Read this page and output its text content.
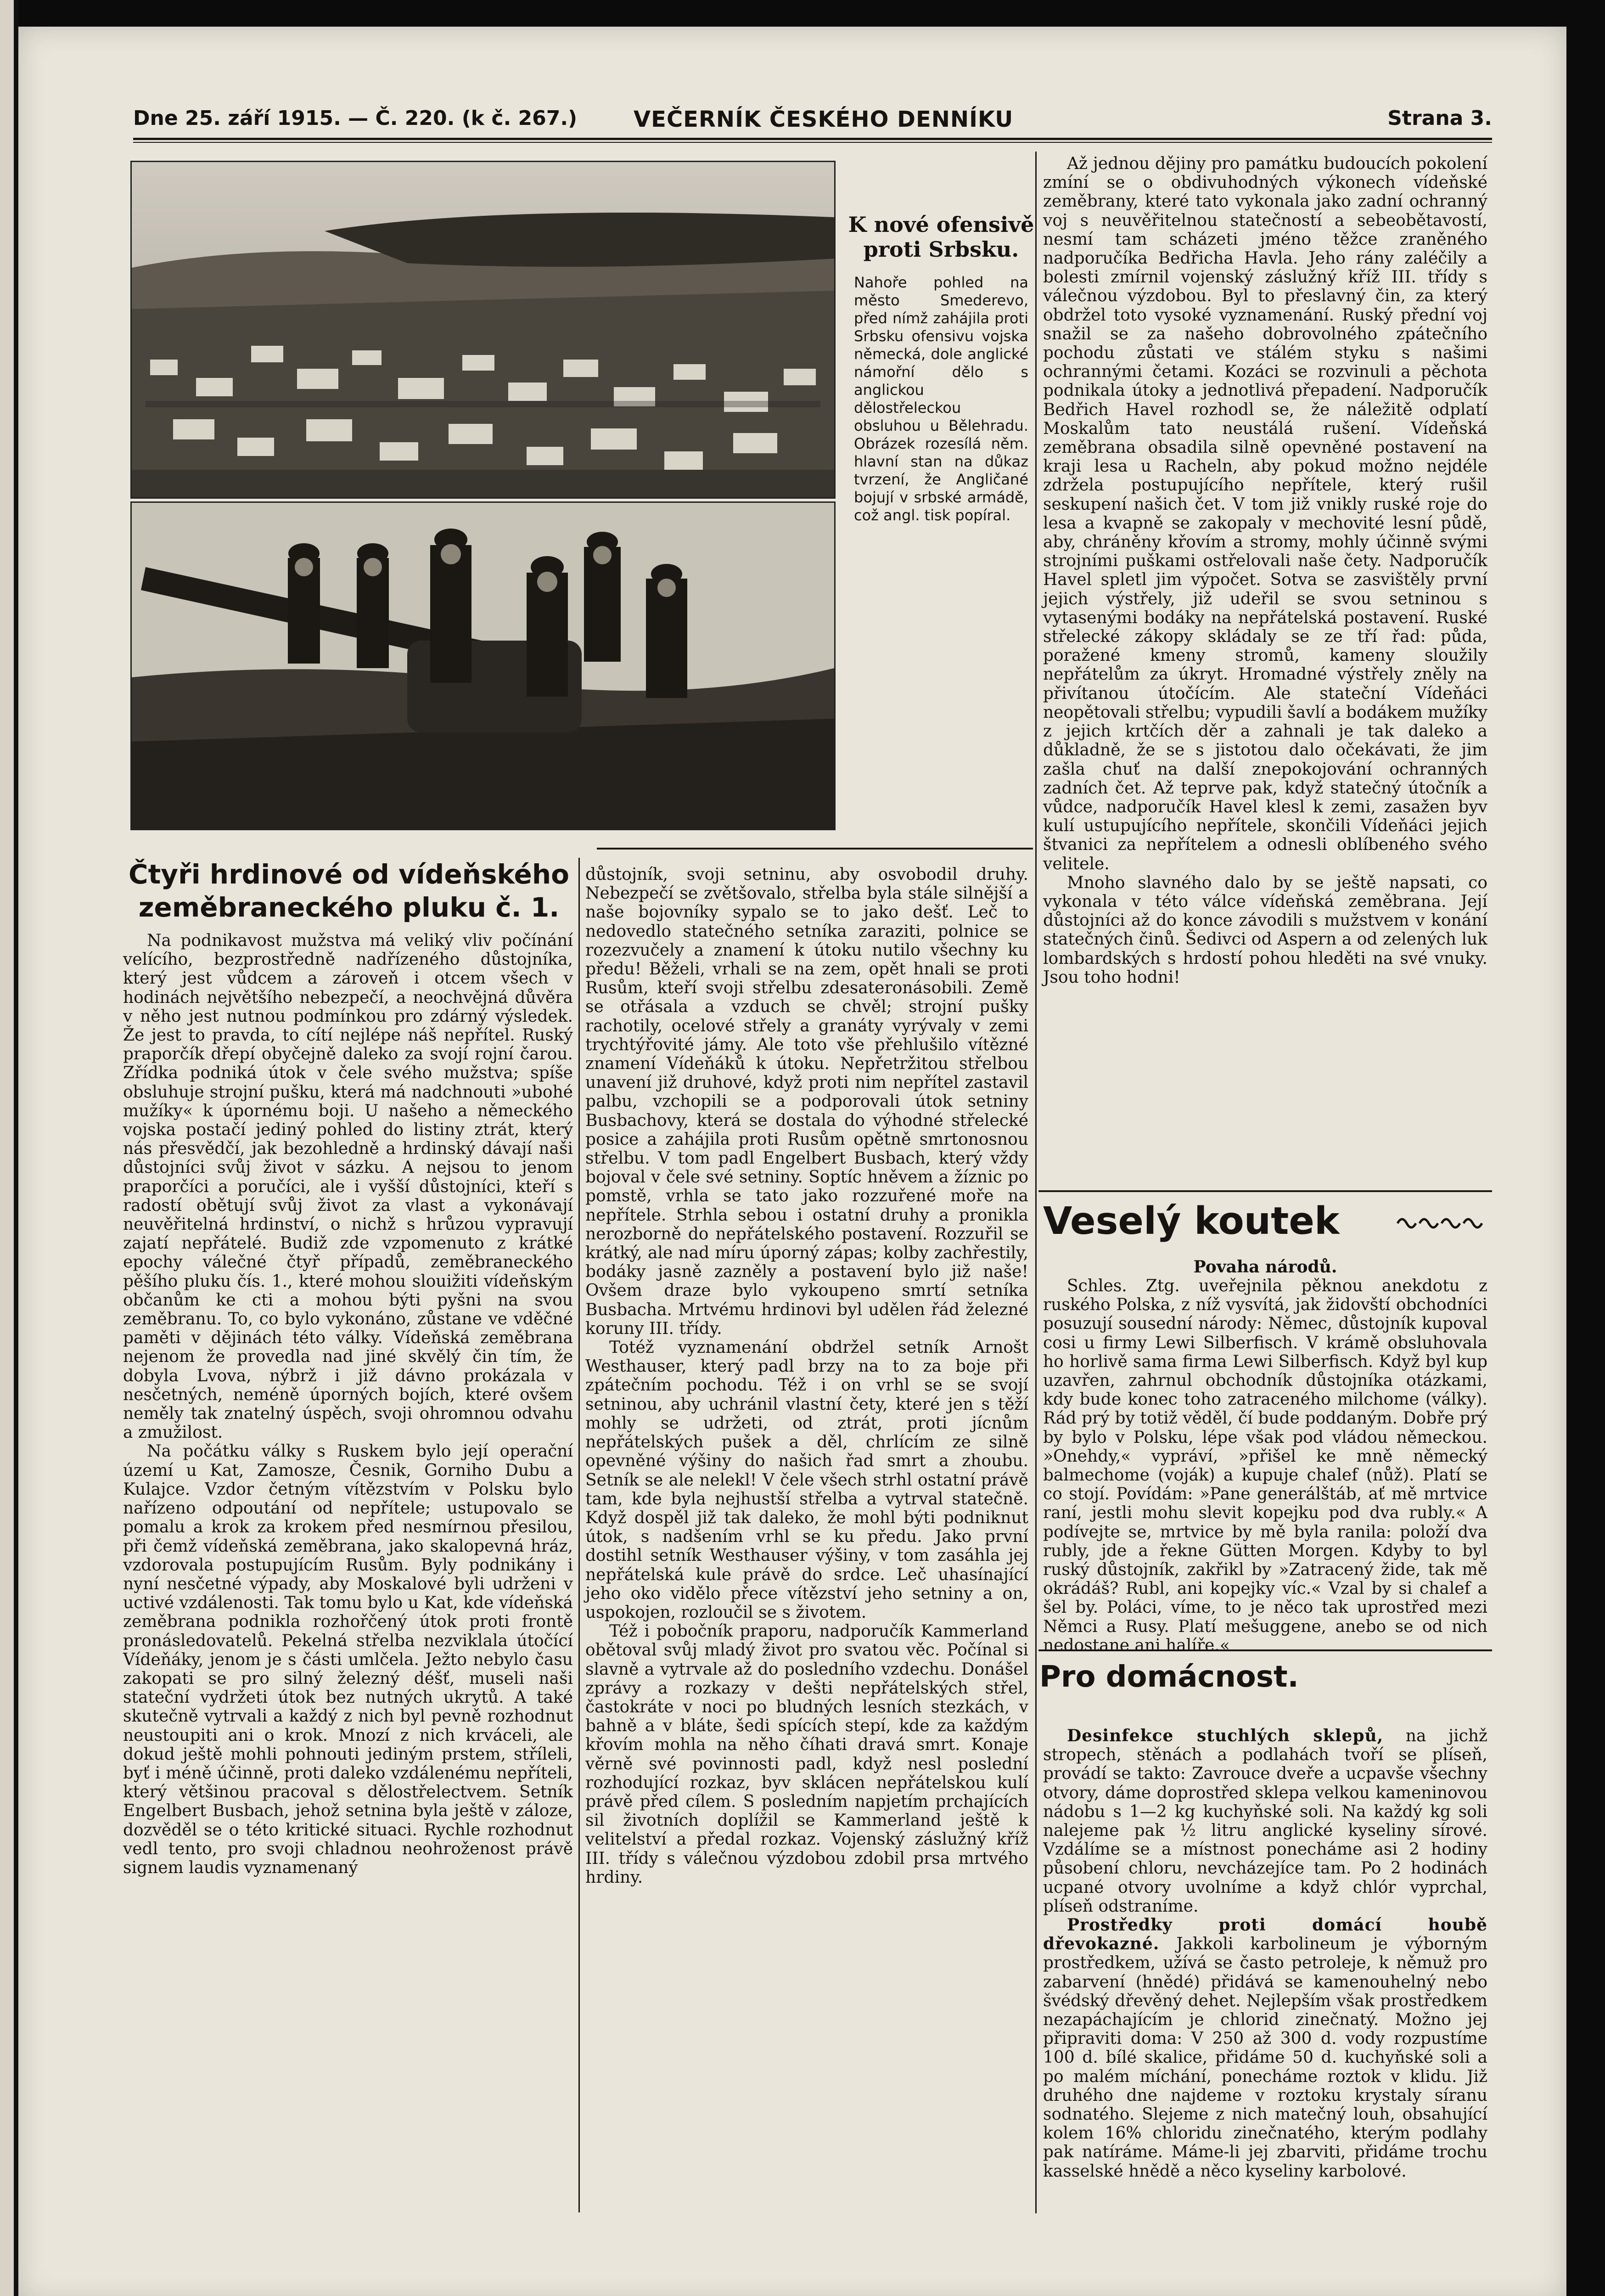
Dne 25. září 1915. — Č. 220. (k č. 267.)	VEČERNÍK ČESKÉHO DENNÍKU	Strana 3.
K nové ofensivě
proti Srbsku.
Nahoře pohled na město Smederevo, před nímž zahájila proti Srbsku ofensivu vojska německá, dole anglické námořní dělo s anglickou dělostřeleckou obsluhou u Bělehradu. Obrázek rozesílá něm. hlavní stan na důkaz tvrzení, že Angličané bojují v srbské armádě, což angl. tisk popíral.
Čtyři hrdinové od vídeňského
zeměbraneckého pluku č. 1.

Na podnikavost mužstva má veliký vliv počínání velícího, bezprostředně nadřízeného důstojníka, který jest vůdcem a zároveň i otcem všech v hodinách největšího nebezpečí, a neochvějná důvěra v něho jest nutnou podmínkou pro zdárný výsledek. Že jest to pravda, to cítí nejlépe náš nepřítel. Ruský praporčík dřepí obyčejně daleko za svojí rojní čarou. Zřídka podniká útok v čele svého mužstva; spíše obsluhuje strojní pušku, která má nadchnouti »ubohé mužíky« k úpornému boji. U našeho a německého vojska postačí jediný pohled do listiny ztrát, který nás přesvědčí, jak bezohledně a hrdinský dávají naši důstojníci svůj život v sázku. A nejsou to jenom praporčíci a poručíci, ale i vyšší důstojníci, kteří s radostí obětují svůj život za vlast a vykonávají neuvěřitelná hrdinství, o nichž s hrůzou vypravují zajatí nepřátelé. Budiž zde vzpomenuto z krátké epochy válečné čtyř případů, zeměbraneckého pěšího pluku čís. 1., které mohou slouižiti vídeňským občanům ke cti a mohou býti pyšni na svou zeměbranu. To, co bylo vykonáno, zůstane ve vděčné paměti v dějinách této války. Vídeňská zeměbrana nejenom že provedla nad jiné skvělý čin tím, že dobyla Lvova, nýbrž i již dávno prokázala v nesčetných, neméně úporných bojích, které ovšem neměly tak znatelný úspěch, svoji ohromnou odvahu a zmužilost.

Na počátku války s Ruskem bylo její operační území u Kat, Zamosze, Česnik, Gorniho Dubu a Kulajce. Vzdor četným vítězstvím v Polsku bylo nařízeno odpoutání od nepřítele; ustupovalo se pomalu a krok za krokem před nesmírnou přesilou, při čemž vídeňská zeměbrana, jako skalopevná hráz, vzdorovala postupujícím Rusům. Byly podnikány i nyní nesčetné výpady, aby Moskalové byli udrženi v uctivé vzdálenosti. Tak tomu bylo u Kat, kde vídeňská zeměbrana podnikla rozhořčený útok proti frontě pronásledovatelů. Pekelná střelba nezviklala útočící Vídeňáky, jenom je s části umlčela. Ježto nebylo času zakopati se pro silný železný déšť, museli naši stateční vydržeti útok bez nutných ukrytů. A také skutečně vytrvali a každý z nich byl pevně rozhodnut neustoupiti ani o krok. Mnozí z nich krváceli, ale dokud ještě mohli pohnouti jediným prstem, stříleli, byť i méně účinně, proti daleko vzdálenému nepříteli, který většinou pracoval s dělostřelectvem. Setník Engelbert Busbach, jehož setnina byla ještě v záloze, dozvěděl se o této kritické situaci. Rychle rozhodnut vedl tento, pro svoji chladnou neohroženost právě signem laudis vyznamenaný

důstojník, svoji setninu, aby osvobodil druhy. Nebezpečí se zvětšovalo, střelba byla stále silnější a naše bojovníky sypalo se to jako dešť. Leč to nedovedlo statečného setníka zaraziti, polnice se rozezvučely a znamení k útoku nutilo všechny ku předu! Běželi, vrhali se na zem, opět hnali se proti Rusům, kteří svoji střelbu zdesateronásobili. Země se otřásala a vzduch se chvěl; strojní pušky rachotily, ocelové střely a granáty vyrývaly v zemi trychtýřovité jámy. Ale toto vše přehlušilo vítězné znamení Vídeňáků k útoku. Nepřetržitou střelbou unavení již druhové, když proti nim nepřítel zastavil palbu, vzchopili se a podporovali útok setniny Busbachovy, která se dostala do výhodné střelecké posice a zahájila proti Rusům opětně smrtonosnou střelbu. V tom padl Engelbert Busbach, který vždy bojoval v čele své setniny. Soptíc hněvem a žíznic po pomstě, vrhla se tato jako rozzuřené moře na nepřítele. Strhla sebou i ostatní druhy a pronikla nerozborně do nepřátelského postavení. Rozzuřil se krátký, ale nad míru úporný zápas; kolby zachřestily, bodáky jasně zazněly a postavení bylo již naše! Ovšem draze bylo vykoupeno smrtí setníka Busbacha. Mrtvému hrdinovi byl udělen řád železné koruny III. třídy.

Totéž vyznamenání obdržel setník Arnošt Westhauser, který padl brzy na to za boje při zpátečním pochodu. Též i on vrhl se se svojí setninou, aby uchránil vlastní čety, které jen s těží mohly se udržeti, od ztrát, proti jícnům nepřátelských pušek a děl, chrlícím ze silně opevněné výšiny do našich řad smrt a zhoubu. Setník se ale nelekl! V čele všech strhl ostatní právě tam, kde byla nejhustší střelba a vytrval statečně. Když dospěl již tak daleko, že mohl býti podniknut útok, s nadšením vrhl se ku předu. Jako první dostihl setník Westhauser výšiny, v tom zasáhla jej nepřátelská kule právě do srdce. Leč uhasínající jeho oko vidělo přece vítězství jeho setniny a on, uspokojen, rozloučil se s životem.

Též i pobočník praporu, nadporučík Kammerland obětoval svůj mladý život pro svatou věc. Počínal si slavně a vytrvale až do posledního vzdechu. Donášel zprávy a rozkazy v dešti nepřátelských střel, častokráte v noci po bludných lesních stezkách, v bahně a v bláte, šedi spících stepí, kde za každým křovím mohla na něho číhati dravá smrt. Konaje věrně své povinnosti padl, když nesl poslední rozhodující rozkaz, byv sklácen nepřátelskou kulí právě před cílem. S posledním napjetím prchajících sil životních doplížil se Kammerland ještě k velitelství a předal rozkaz. Vojenský záslužný kříž III. třídy s válečnou výzdobou zdobil prsa mrtvého hrdiny.

Až jednou dějiny pro památku budoucích pokolení zmíní se o obdivuhodných výkonech vídeňské zeměbrany, které tato vykonala jako zadní ochranný voj s neuvěřitelnou statečností a sebeobětavostí, nesmí tam scházeti jméno těžce zraněného nadporučíka Bedřicha Havla. Jeho rány zaléčily a bolesti zmírnil vojenský záslužný kříž III. třídy s válečnou výzdobou. Byl to přeslavný čin, za který obdržel toto vysoké vyznamenání. Ruský přední voj snažil se za našeho dobrovolného zpátečního pochodu zůstati ve stálém styku s našimi ochrannými četami. Kozáci se rozvinuli a pěchota podnikala útoky a jednotlivá přepadení. Nadporučík Bedřich Havel rozhodl se, že náležitě odplatí Moskalům tato neustálá rušení. Vídeňská zeměbrana obsadila silně opevněné postavení na kraji lesa u Racheln, aby pokud možno nejdéle zdržela postupujícího nepřítele, který rušil seskupení našich čet. V tom již vnikly ruské roje do lesa a kvapně se zakopaly v mechovité lesní půdě, aby, chráněny křovím a stromy, mohly účinně svými strojními puškami ostřelovali naše čety. Nadporučík Havel spletl jim výpočet. Sotva se zasvištěly první jejich výstřely, již udeřil se svou setninou s vytasenými bodáky na nepřátelská postavení. Ruské střelecké zákopy skládaly se ze tří řad: půda, poražené kmeny stromů, kameny sloužily nepřátelům za úkryt. Hromadné výstřely zněly na přivítanou útočícím. Ale stateční Vídeňáci neopětovali střelbu; vypudili šavlí a bodákem mužíky z jejich krtčích děr a zahnali je tak daleko a důkladně, že se s jistotou dalo očekávati, že jim zašla chuť na další znepokojování ochranných zadních čet. Až teprve pak, když statečný útočník a vůdce, nadporučík Havel klesl k zemi, zasažen byv kulí ustupujícího nepřítele, skončili Vídeňáci jejich štvanici za nepřítelem a odnesli oblíbeného svého velitele.

Mnoho slavného dalo by se ještě napsati, co vykonala v této válce vídeňská zeměbrana. Její důstojníci až do konce závodili s mužstvem v konání statečných činů. Šedivci od Aspern a od zelených luk lombardských s hrdostí pohou hleděti na své vnuky. Jsou toho hodni!

Veselý koutek

Povaha národů.

Schles. Ztg. uveřejnila pěknou anekdotu z ruského Polska, z níž vysvítá, jak židovští obchodníci posuzují sousední národy: Němec, důstojník kupoval cosi u firmy Lewi Silberfisch. V krámě obsluhovala ho horlivě sama firma Lewi Silberfisch. Když byl kup uzavřen, zahrnul obchodník důstojníka otázkami, kdy bude konec toho zatraceného milchome (války). Rád prý by totiž věděl, čí bude poddaným. Dobře prý by bylo v Polsku, lépe však pod vládou německou. »Onehdy,« vypráví, »přišel ke mně německý balmechome (voják) a kupuje chalef (nůž). Platí se co stojí. Povídám: »Pane generálštáb, ať mě mrtvice raní, jestli mohu slevit kopejku pod dva rubly.« A podívejte se, mrtvice by mě byla ranila: položí dva rubly, jde a řekne Gütten Morgen. Kdyby to byl ruský důstojník, zakřikl by »Zatracený žide, tak mě okrádáš? Rubl, ani kopejky víc.« Vzal by si chalef a šel by. Poláci, víme, to je něco tak uprostřed mezi Němci a Rusy. Platí mešuggene, anebo se od nich nedostane ani halíře.«

Pro domácnost.

Desinfekce stuchlých sklepů, na jichž stropech, stěnách a podlahách tvoří se plíseň, provádí se takto: Zavrouce dveře a ucpavše všechny otvory, dáme doprostřed sklepa velkou kameninovou nádobu s 1—2 kg kuchyňské soli. Na každý kg soli nalejeme pak ½ litru anglické kyseliny sírové. Vzdálíme se a místnost ponecháme asi 2 hodiny působení chloru, nevcházejíce tam. Po 2 hodinách ucpané otvory uvolníme a když chlór vyprchal, plíseň odstraníme.

Prostředky proti domácí houbě dřevokazné. Jakkoli karbolineum je výborným prostředkem, užívá se často petroleje, k němuž pro zabarvení (hnědé) přidává se kamenouhelný nebo švédský dřevěný dehet. Nejlepším však prostředkem nezapáchajícím je chlorid zinečnatý. Možno jej připraviti doma: V 250 až 300 d. vody rozpustíme 100 d. bílé skalice, přidáme 50 d. kuchyňské soli a po malém míchání, ponecháme roztok v klidu. Již druhého dne najdeme v roztoku krystaly síranu sodnatého. Slejeme z nich matečný louh, obsahující kolem 16% chloridu zinečnatého, kterým podlahy pak natíráme. Máme-li jej zbarviti, přidáme trochu kasselské hnědě a něco kyseliny karbolové.
